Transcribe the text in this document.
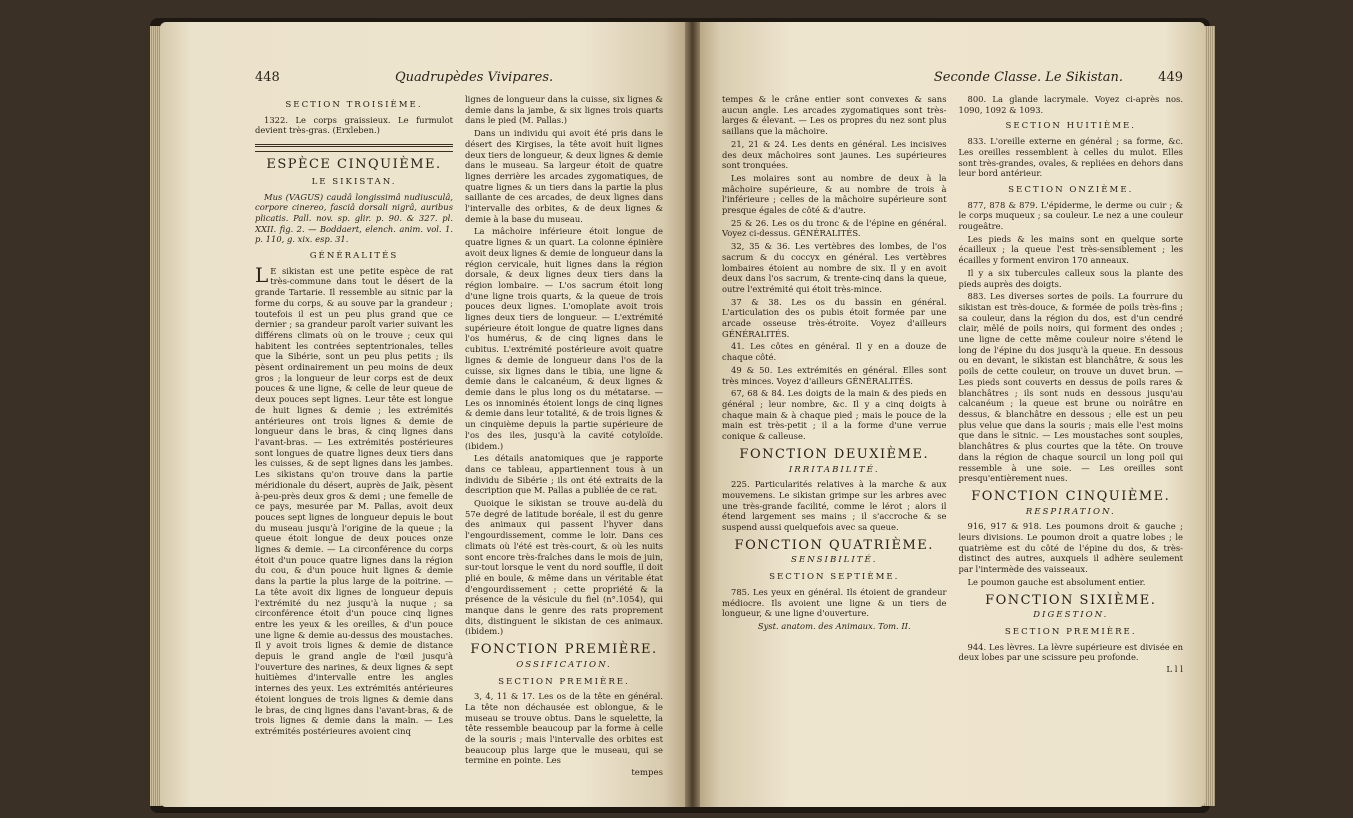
448	Quadrupèdes Vivipares.
SECTION TROISIÈME.

1322. Le corps graissieux. Le furmulot devient très-gras. (Erxleben.)

ESPÈCE CINQUIÈME.
LE SIKISTAN.

Mus (VAGUS) caudâ longissimâ nudiusculâ, corpore cinereo, fasciâ dorsali nigrâ, auribus plicatis. Pall. nov. sp. glir. p. 90. & 327. pl. XXII. fig. 2. — Boddaert, elench. anim. vol. 1. p. 110, g. xix. esp. 31.

GÉNÉRALITÉS

L E sikistan est une petite espèce de rat très-commune dans tout le désert de la grande Tartarie. Il ressemble au sitnic par la forme du corps, & au souve par la grandeur ; toutefois il est un peu plus grand que ce dernier ; sa grandeur paroît varier suivant les différens climats où on le trouve ; ceux qui habitent les contrées septentrionales, telles que la Sibérie, sont un peu plus petits ; ils pèsent ordinairement un peu moins de deux gros ; la longueur de leur corps est de deux pouces & une ligne, & celle de leur queue de deux pouces sept lignes. Leur tête est longue de huit lignes & demie ; les extrémités antérieures ont trois lignes & demie de longueur dans le bras, & cinq lignes dans l'avant-bras. — Les extrémités postérieures sont longues de quatre lignes deux tiers dans les cuisses, & de sept lignes dans les jambes. Les sikistans qu'on trouve dans la partie méridionale du désert, auprès de Jaik, pèsent à-peu-près deux gros & demi ; une femelle de ce pays, mesurée par M. Pallas, avoit deux pouces sept lignes de longueur depuis le bout du museau jusqu'à l'origine de la queue ; la queue étoit longue de deux pouces onze lignes & demie. — La circonférence du corps étoit d'un pouce quatre lignes dans la région du cou, & d'un pouce huit lignes & demie dans la partie la plus large de la poitrine. — La tête avoit dix lignes de longueur depuis l'extrémité du nez jusqu'à la nuque ; sa circonférence étoit d'un pouce cinq lignes entre les yeux & les oreilles, & d'un pouce une ligne & demie au-dessus des moustaches. Il y avoit trois lignes & demie de distance depuis le grand angle de l'œil jusqu'à l'ouverture des narines, & deux lignes & sept huitièmes d'intervalle entre les angles internes des yeux. Les extrémités antérieures étoient longues de trois lignes & demie dans le bras, de cinq lignes dans l'avant-bras, & de trois lignes & demie dans la main. — Les extrémités postérieures avoient cinq

lignes de longueur dans la cuisse, six lignes & demie dans la jambe, & six lignes trois quarts dans le pied (M. Pallas.)

Dans un individu qui avoit été pris dans le désert des Kirgises, la tête avoit huit lignes deux tiers de longueur, & deux lignes & demie dans le museau. Sa largeur étoit de quatre lignes derrière les arcades zygomatiques, de quatre lignes & un tiers dans la partie la plus saillante de ces arcades, de deux lignes dans l'intervalle des orbites, & de deux lignes & demie à la base du museau.

La mâchoire inférieure étoit longue de quatre lignes & un quart. La colonne épinière avoit deux lignes & demie de longueur dans la région cervicale, huit lignes dans la région dorsale, & deux lignes deux tiers dans la région lombaire. — L'os sacrum étoit long d'une ligne trois quarts, & la queue de trois pouces deux lignes. L'omoplate avoit trois lignes deux tiers de longueur. — L'extrémité supérieure étoit longue de quatre lignes dans l'os humérus, & de cinq lignes dans le cubitus. L'extrémité postérieure avoit quatre lignes & demie de longueur dans l'os de la cuisse, six lignes dans le tibia, une ligne & demie dans le calcanéum, & deux lignes & demie dans le plus long os du métatarse. — Les os innominés étoient longs de cinq lignes & demie dans leur totalité, & de trois lignes & un cinquième depuis la partie supérieure de l'os des iles, jusqu'à la cavité cotyloïde. (ibidem.)

Les détails anatomiques que je rapporte dans ce tableau, appartiennent tous à un individu de Sibérie ; ils ont été extraits de la description que M. Pallas a publiée de ce rat.

Quoique le sikistan se trouve au-delà du 57e degré de latitude boréale, il est du genre des animaux qui passent l'hyver dans l'engourdissement, comme le loir. Dans ces climats où l'été est très-court, & où les nuits sont encore très-fraîches dans le mois de juin, sur-tout lorsque le vent du nord souffle, il doit plié en boule, & même dans un véritable état d'engourdissement ; cette propriété & la présence de la vésicule du fiel (n°.1054), qui manque dans le genre des rats proprement dits, distinguent le sikistan de ces animaux. (ibidem.)

FONCTION PREMIÈRE.
OSSIFICATION.
SECTION PREMIÈRE.

3, 4, 11 & 17. Les os de la tête en général. La tête non déchausée est oblongue, & le museau se trouve obtus. Dans le squelette, la tête ressemble beaucoup par la forme à celle de la souris ; mais l'intervalle des orbites est beaucoup plus large que le museau, qui se termine en pointe. Les

tempes
Seconde Classe. Le Sikistan.	449

tempes & le crâne entier sont convexes & sans aucun angle. Les arcades zygomatiques sont très-larges & élevant. — Les os propres du nez sont plus saillans que la mâchoire.

21, 21 & 24. Les dents en général. Les incisives des deux mâchoires sont jaunes. Les supérieures sont tronquées.

Les molaires sont au nombre de deux à la mâchoire supérieure, & au nombre de trois à l'inférieure ; celles de la mâchoire supérieure sont presque égales de côté & d'autre.

25 & 26. Les os du tronc & de l'épine en général. Voyez ci-dessus. GÉNÉRALITÉS.

32, 35 & 36. Les vertèbres des lombes, de l'os sacrum & du coccyx en général. Les vertèbres lombaires étoient au nombre de six. Il y en avoit deux dans l'os sacrum, & trente-cinq dans la queue, outre l'extrémité qui étoit très-mince.

37 & 38. Les os du bassin en général. L'articulation des os pubis étoit formée par une arcade osseuse très-étroite. Voyez d'ailleurs GÉNÉRALITÉS.

41. Les côtes en général. Il y en a douze de chaque côté.

49 & 50. Les extrémités en général. Elles sont très minces. Voyez d'ailleurs GÉNÉRALITÉS.

67, 68 & 84. Les doigts de la main & des pieds en général ; leur nombre, &c. Il y a cinq doigts à chaque main & à chaque pied ; mais le pouce de la main est très-petit ; il a la forme d'une verrue conique & calleuse.

FONCTION DEUXIÈME.
IRRITABILITÉ.

225. Particularités relatives à la marche & aux mouvemens. Le sikistan grimpe sur les arbres avec une très-grande facilité, comme le lérot ; alors il étend largement ses mains ; il s'accroche & se suspend aussi quelquefois avec sa queue.

FONCTION QUATRIÈME.
SENSIBILITÉ.
SECTION SEPTIÈME.

785. Les yeux en général. Ils étoient de grandeur médiocre. Ils avoient une ligne & un tiers de longueur, & une ligne d'ouverture.

Syst. anatom. des Animaux. Tom. II.

800. La glande lacrymale. Voyez ci-après nos. 1090, 1092 & 1093.

SECTION HUITIÈME.

833. L'oreille externe en général ; sa forme, &c. Les oreilles ressemblent à celles du mulot. Elles sont très-grandes, ovales, & repliées en dehors dans leur bord antérieur.

SECTION ONZIÈME.

877, 878 & 879. L'épiderme, le derme ou cuir ; & le corps muqueux ; sa couleur. Le nez a une couleur rougeâtre.

Les pieds & les mains sont en quelque sorte écailleux ; la queue l'est très-sensiblement ; les écailles y forment environ 170 anneaux.

Il y a six tubercules calleux sous la plante des pieds auprès des doigts.

883. Les diverses sortes de poils. La fourrure du sikistan est très-douce, & formée de poils très-fins ; sa couleur, dans la région du dos, est d'un cendré clair, mêlé de poils noirs, qui forment des ondes ; une ligne de cette même couleur noire s'étend le long de l'épine du dos jusqu'à la queue. En dessous ou en devant, le sikistan est blanchâtre, & sous les poils de cette couleur, on trouve un duvet brun. — Les pieds sont couverts en dessus de poils rares & blanchâtres ; ils sont nuds en dessous jusqu'au calcanéum ; la queue est brune ou noirâtre en dessus, & blanchâtre en dessous ; elle est un peu plus velue que dans la souris ; mais elle l'est moins que dans le sitnic. — Les moustaches sont souples, blanchâtres & plus courtes que la tête. On trouve dans la région de chaque sourcil un long poil qui ressemble à une soie. — Les oreilles sont presqu'entièrement nues.

FONCTION CINQUIÈME.
RESPIRATION.

916, 917 & 918. Les poumons droit & gauche ; leurs divisions. Le poumon droit a quatre lobes ; le quatrième est du côté de l'épine du dos, & très-distinct des autres, auxquels il adhère seulement par l'intermède des vaisseaux.

Le poumon gauche est absolument entier.

FONCTION SIXIÈME.
DIGESTION.
SECTION PREMIÈRE.

944. Les lèvres. La lèvre supérieure est divisée en deux lobes par une scissure peu profonde.

L l l
